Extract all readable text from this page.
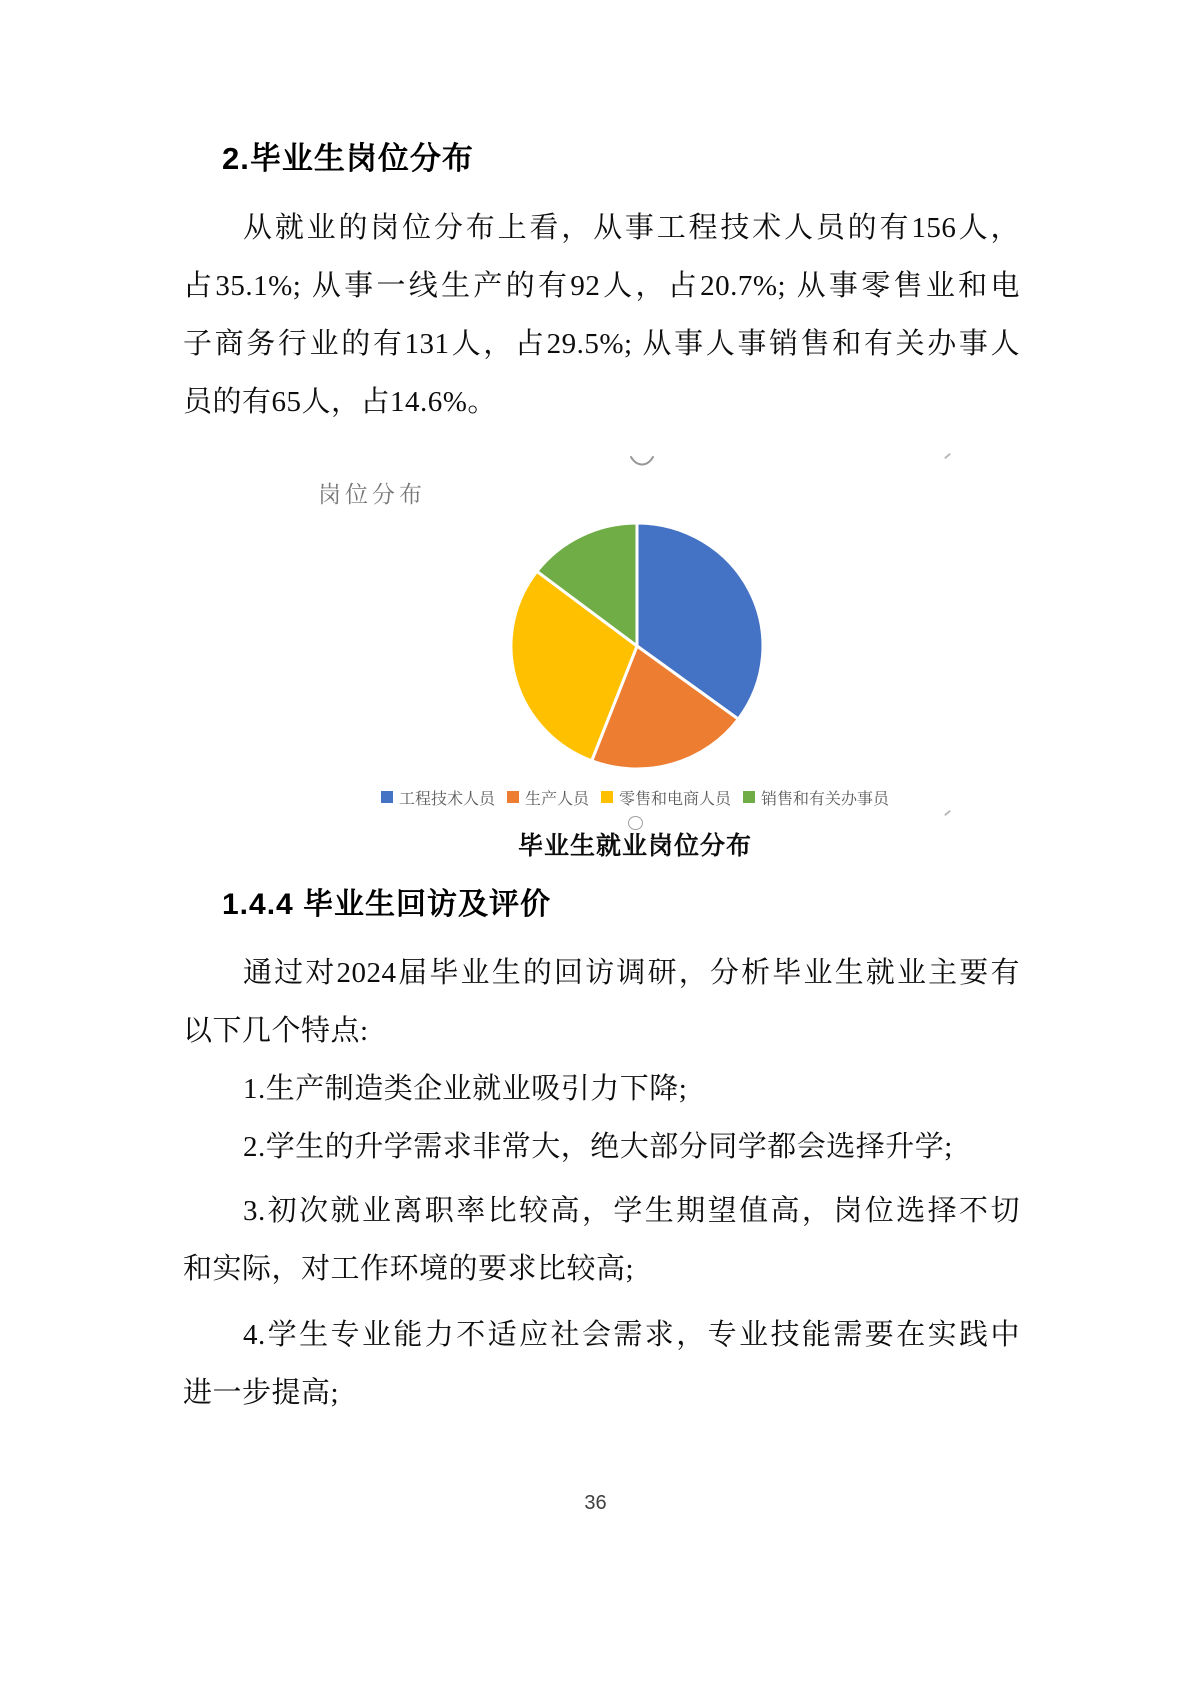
2.毕业生岗位分布
从就业的岗位分布上看，从事工程技术人员的有156人，
占35.1%; 从事一线生产的有92人，占20.7%; 从事零售业和电
子商务行业的有131人，占29.5%; 从事人事销售和有关办事人
员的有65人，占14.6%。
岗位分布
工程技术人员 生产人员 零售和电商人员 销售和有关办事员
毕业生就业岗位分布
1.4.4 毕业生回访及评价
通过对2024届毕业生的回访调研，分析毕业生就业主要有
以下几个特点:
1.生产制造类企业就业吸引力下降;
2.学生的升学需求非常大，绝大部分同学都会选择升学;
3.初次就业离职率比较高，学生期望值高，岗位选择不切
和实际，对工作环境的要求比较高;
4.学生专业能力不适应社会需求，专业技能需要在实践中
进一步提高;
36
